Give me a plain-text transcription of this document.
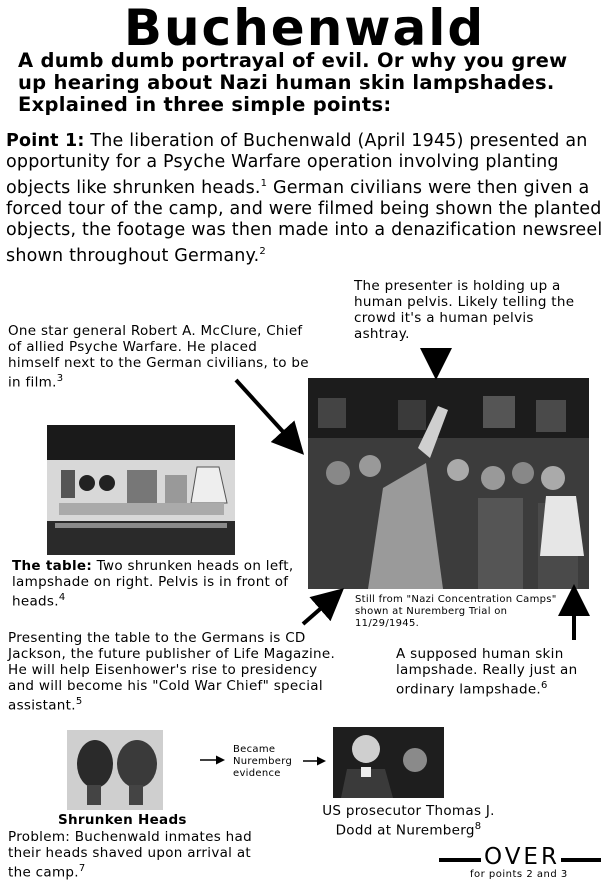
Buchenwald
A dumb dumb portrayal of evil. Or why you grew up hearing about Nazi human skin lampshades. Explained in three simple points:
Point 1: The liberation of Buchenwald (April 1945) presented an opportunity for a Psyche Warfare operation involving planting objects like shrunken heads.$^1$ German civilians were then given a forced tour of the camp, and were filmed being shown the planted objects, the footage was then made into a denazification newsreel shown throughout Germany.$^2$
The presenter is holding up a human pelvis. Likely telling the crowd it's a human pelvis ashtray.
One star general Robert A. McClure, Chief of allied Psyche Warfare. He placed himself next to the German civilians, to be in film.$^3$
The table: Two shrunken heads on left, lampshade on right. Pelvis is in front of heads.$^4$	Still from "Nazi Concentration Camps" shown at Nuremberg Trial on 11/29/1945.
Presenting the table to the Germans is CD Jackson, the future publisher of Life Magazine. He will help Eisenhower's rise to presidency and will become his "Cold War Chief" special assistant.$^5$
A supposed human skin lampshade. Really just an ordinary lampshade.$^6$
Shrunken Heads
Problem: Buchenwald inmates had their heads shaved upon arrival at the camp.$^7$
Became Nuremberg evidence
US prosecutor Thomas J. Dodd at Nuremberg$^8$
OVER
for points 2 and 3
